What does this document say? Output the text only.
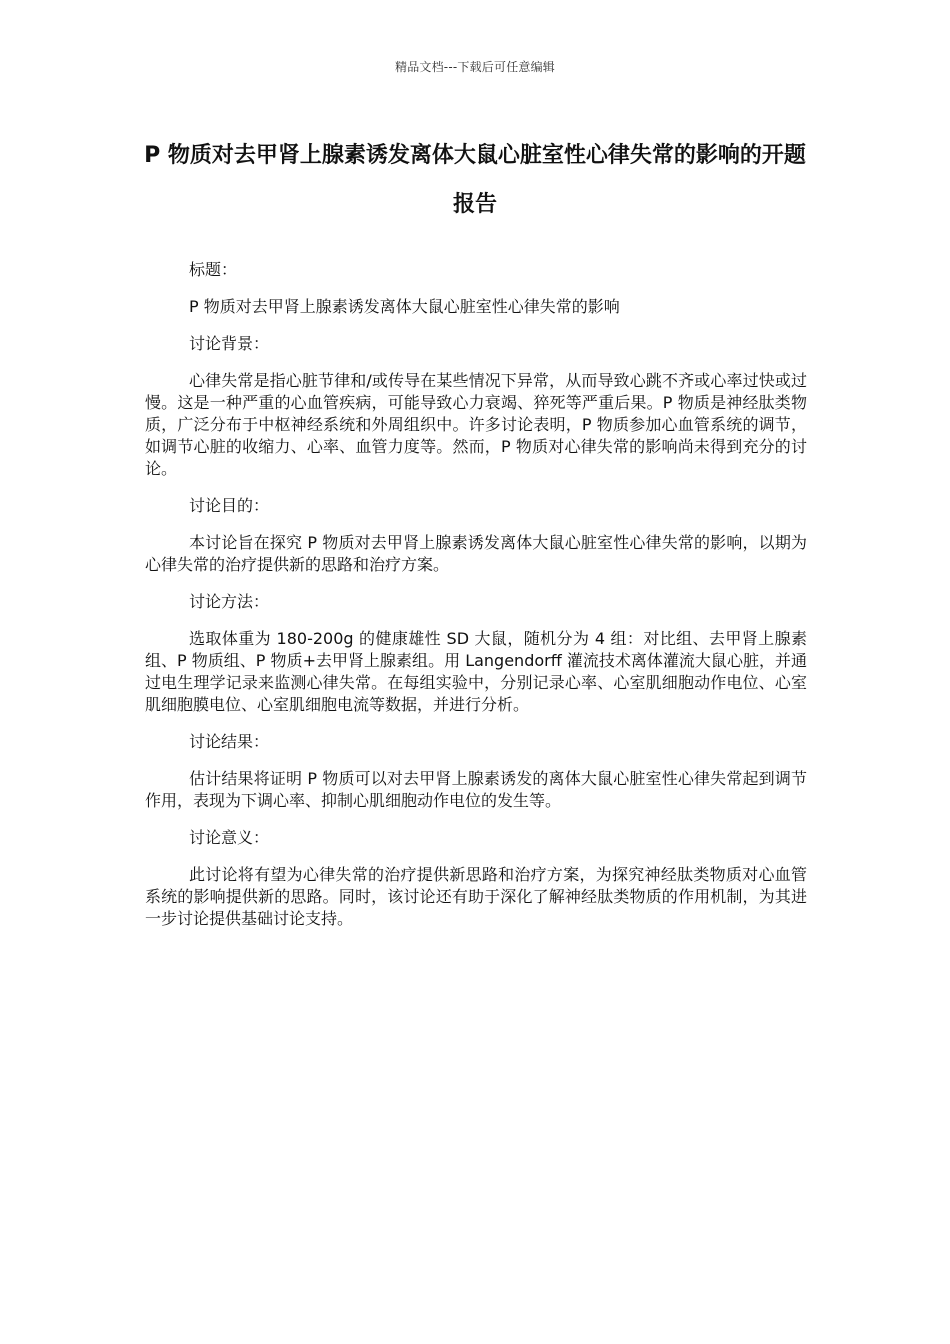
精品文档---下载后可任意编辑
P 物质对去甲肾上腺素诱发离体大鼠心脏室性心律失常的影响的开题报告

标题：

P 物质对去甲肾上腺素诱发离体大鼠心脏室性心律失常的影响

讨论背景：

心律失常是指心脏节律和/或传导在某些情况下异常，从而导致心跳不齐或心率过快或过慢。这是一种严重的心血管疾病，可能导致心力衰竭、猝死等严重后果。P 物质是神经肽类物质，广泛分布于中枢神经系统和外周组织中。许多讨论表明，P 物质参加心血管系统的调节，如调节心脏的收缩力、心率、血管力度等。然而，P 物质对心律失常的影响尚未得到充分的讨论。

讨论目的：

本讨论旨在探究 P 物质对去甲肾上腺素诱发离体大鼠心脏室性心律失常的影响，以期为心律失常的治疗提供新的思路和治疗方案。

讨论方法：

选取体重为 180-200g 的健康雄性 SD 大鼠，随机分为 4 组：对比组、去甲肾上腺素组、P 物质组、P 物质+去甲肾上腺素组。用 Langendorff 灌流技术离体灌流大鼠心脏，并通过电生理学记录来监测心律失常。在每组实验中，分别记录心率、心室肌细胞动作电位、心室肌细胞膜电位、心室肌细胞电流等数据，并进行分析。

讨论结果：

估计结果将证明 P 物质可以对去甲肾上腺素诱发的离体大鼠心脏室性心律失常起到调节作用，表现为下调心率、抑制心肌细胞动作电位的发生等。

讨论意义：

此讨论将有望为心律失常的治疗提供新思路和治疗方案，为探究神经肽类物质对心血管系统的影响提供新的思路。同时，该讨论还有助于深化了解神经肽类物质的作用机制，为其进一步讨论提供基础讨论支持。
